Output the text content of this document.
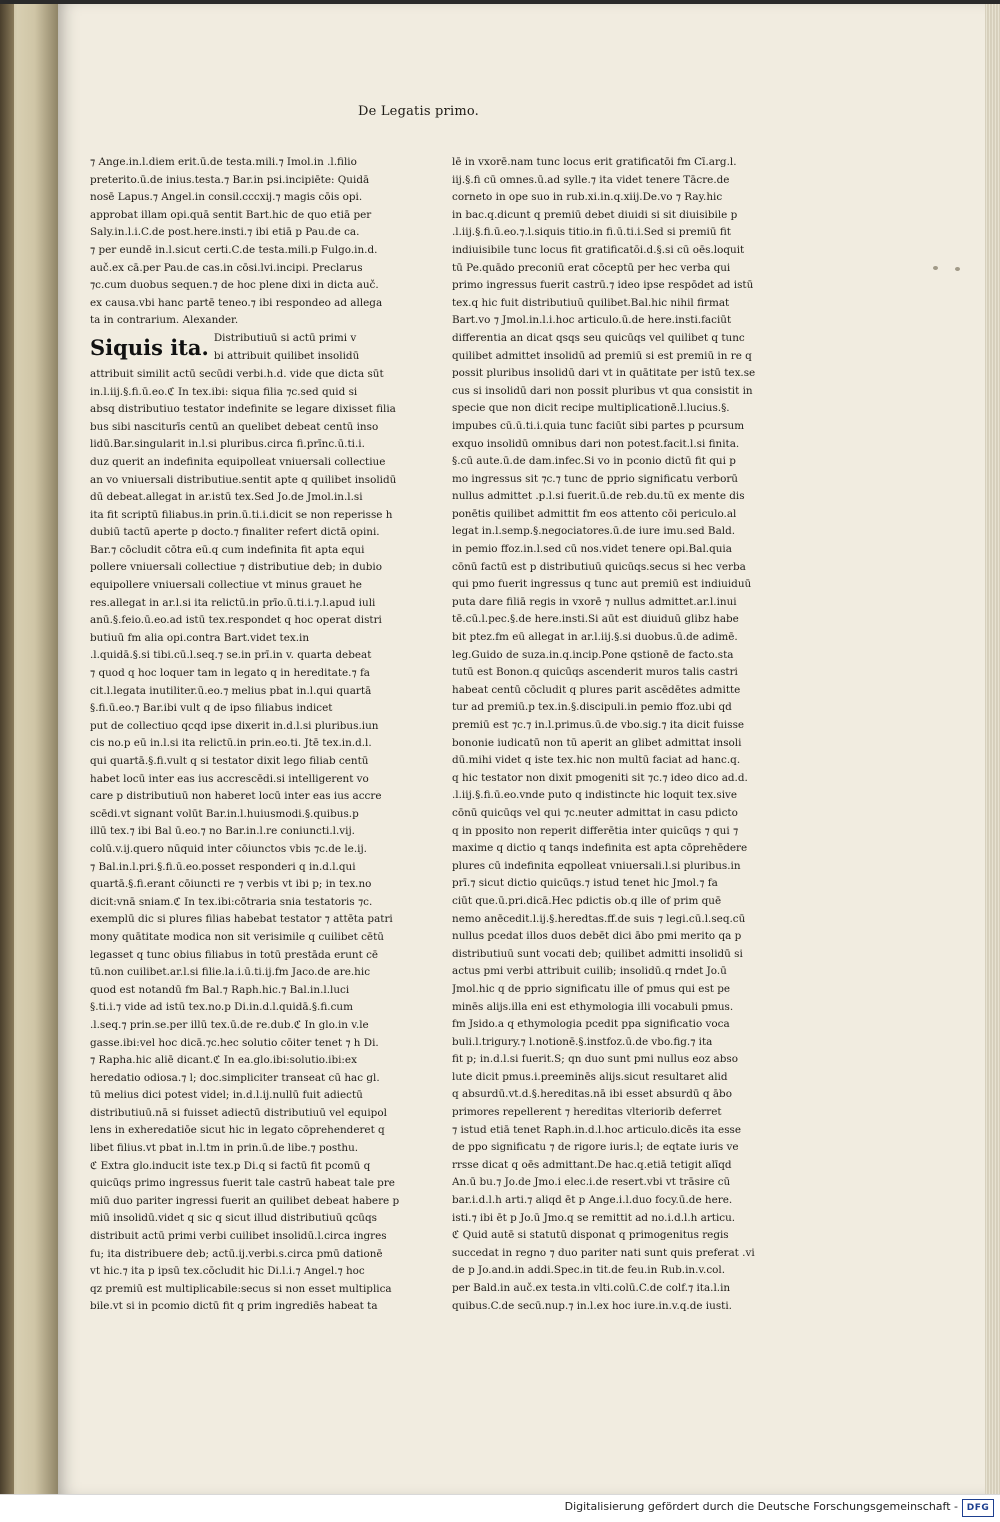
De Legatis primo.
⁊ Ange.in.l.diem erit.ū.de testa.mili.⁊ Imol.in .l.filio
preterito.ū.de inius.testa.⁊ Bar.in psi.incipiēte: Quidā
nosē Lapus.⁊ Angel.in consil.cccxij.⁊ magis cōis opi.
approbat illam opi.quā sentit Bart.hic de quo etiā per
Saly.in.l.i.C.de post.here.insti.⁊ ibi etiā p Pau.de ca.
⁊ per eundē in.l.sicut certi.C.de testa.mili.p Fulgo.in.d.
auč.ex cā.per Pau.de cas.in cōsi.lvi.incipi. Preclarus
⁊c.cum duobus sequen.⁊ de hoc plene dixi in dicta auč.
ex causa.vbi hanc partē teneo.⁊ ibi respondeo ad allega
ta in contrarium. Alexander.
Siquis ita. Distributiuū si actū primi v
bi attribuit quilibet insolidū
attribuit similit actū secūdi verbi.h.d. vide que dicta sūt
in.l.iij.§.fi.ū.eo.ℭ In tex.ibi: siqua filia ⁊c.sed quid si
absq distributiuo testator indefinite se legare dixisset filia
bus sibi nasciturīs centū an quelibet debeat centū inso
lidū.Bar.singularit in.l.si pluribus.circa fi.prīnc.ū.ti.i.
duz querit an indefinita equipolleat vniuersali collectiue
an vo vniuersali distributiue.sentit apte q quilibet insolidū
dū debeat.allegat in ar.istū tex.Sed Jo.de Jmol.in.l.si
ita fit scriptū filiabus.in prin.ū.ti.i.dicit se non reperisse h
dubiū tactū aperte p docto.⁊ finaliter refert dictā opini.
Bar.⁊ cōcludit cōtra eū.q cum indefinita fit apta equi
pollere vniuersali collectiue ⁊ distributiue deb; in dubio
equipollere vniuersali collectiue vt minus grauet he
res.allegat in ar.l.si ita relictū.in prīo.ū.ti.i.⁊.l.apud iuli
anū.§.feio.ū.eo.ad istū tex.respondet q hoc operat distri
butiuū fm alia opi.contra Bart.videt tex.in
.l.quidā.§.si tibi.cū.l.seq.⁊ se.in prī.in v. quarta debeat
⁊ quod q hoc loquer tam in legato q in hereditate.⁊ fa
cit.l.legata inutiliter.ū.eo.⁊ melius pbat in.l.qui quartā
§.fi.ū.eo.⁊ Bar.ibi vult q de ipso filiabus indicet
put de collectiuo qcqd ipse dixerit in.d.l.si pluribus.iun
cis no.p eū in.l.si ita relictū.in prin.eo.ti. Jtē tex.in.d.l.
qui quartā.§.fi.vult q si testator dixit lego filiab centū
habet locū inter eas ius accrescēdi.si intelligerent vo
care p distributiuū non haberet locū inter eas ius accre
scēdi.vt signant volūt Bar.in.l.huiusmodi.§.quibus.p
illū tex.⁊ ibi Bal ū.eo.⁊ no Bar.in.l.re coniuncti.l.vij.
colū.v.ij.quero nūquid inter cōiunctos vbis ⁊c.de le.ij.
⁊ Bal.in.l.pri.§.fi.ū.eo.posset responderi q in.d.l.qui
quartā.§.fi.erant cōiuncti re ⁊ verbis vt ibi p; in tex.no
dicit:vnā sniam.ℭ In tex.ibi:cōtraria snia testatoris ⁊c.
exemplū dic si plures filias habebat testator ⁊ attēta patri
mony quātitate modica non sit verisimile q cuilibet cētū
legasset q tunc obius filiabus in totū prestāda erunt cē
tū.non cuilibet.ar.l.si filie.la.i.ū.ti.ij.fm Jaco.de are.hic
quod est notandū fm Bal.⁊ Raph.hic.⁊ Bal.in.l.luci
§.ti.i.⁊ vide ad istū tex.no.p Di.in.d.l.quidā.§.fi.cum
.l.seq.⁊ prin.se.per illū tex.ū.de re.dub.ℭ In glo.in v.le
gasse.ibi:vel hoc dicā.⁊c.hec solutio cōiter tenet ⁊ h Di.
⁊ Rapha.hic aliē dicant.ℭ In ea.glo.ibi:solutio.ibi:ex
heredatio odiosa.⁊ l; doc.simpliciter transeat cū hac gl.
tū melius dici potest videl; in.d.l.ij.nullū fuit adiectū
distributiuū.nā si fuisset adiectū distributiuū vel equipol
lens in exheredatiōe sicut hic in legato cōprehenderet q
libet filius.vt pbat in.l.tm in prin.ū.de libe.⁊ posthu.
ℭ Extra glo.inducit iste tex.p Di.q si factū fit pcomū q
quicūqs primo ingressus fuerit tale castrū habeat tale pre
miū duo pariter ingressi fuerit an quilibet debeat habere p
miū insolidū.videt q sic q sicut illud distributiuū qcūqs
distribuit actū primi verbi cuilibet insolidū.l.circa ingres
fu; ita distribuere deb; actū.ij.verbi.s.circa pmū dationē
vt hic.⁊ ita p ipsū tex.cōcludit hic Di.l.i.⁊ Angel.⁊ hoc
qz premiū est multiplicabile:secus si non esset multiplica
bile.vt si in pcomio dictū fit q prim ingrediēs habeat ta
lē in vxorē.nam tunc locus erit gratificatōi fm Cī.arg.l.
iij.§.fi cū omnes.ū.ad sylle.⁊ ita videt tenere Tācre.de
corneto in ope suo in rub.xi.in.q.xiij.De.vo ⁊ Ray.hic
in bac.q.dicunt q premiū debet diuidi si sit diuisibile p
.l.iij.§.fi.ū.eo.⁊.l.siquis titio.in fi.ū.ti.i.Sed si premiū fit
indiuisibile tunc locus fit gratificatōi.d.§.si cū oēs.loquit
tū Pe.quādo preconiū erat cōceptū per hec verba qui
primo ingressus fuerit castrū.⁊ ideo ipse respōdet ad istū
tex.q hic fuit distributiuū quilibet.Bal.hic nihil firmat
Bart.vo ⁊ Jmol.in.l.i.hoc articulo.ū.de here.insti.faciūt
differentia an dicat qsqs seu quicūqs vel quilibet q tunc
quilibet admittet insolidū ad premiū si est premiū in re q
possit pluribus insolidū dari vt in quātitate per istū tex.se
cus si insolidū dari non possit pluribus vt qua consistit in
specie que non dicit recipe multiplicationē.l.lucius.§.
impubes cū.ū.ti.i.quia tunc faciūt sibi partes p pcursum
exquo insolidū omnibus dari non potest.facit.l.si finita.
§.cū aute.ū.de dam.infec.Si vo in pconio dictū fit qui p
mo ingressus sit ⁊c.⁊ tunc de pprio significatu verborū
nullus admittet .p.l.si fuerit.ū.de reb.du.tū ex mente dis
ponētis quilibet admittit fm eos attento cōi periculo.al
legat in.l.semp.§.negociatores.ū.de iure imu.sed Bald.
in pemio ffoz.in.l.sed cū nos.videt tenere opi.Bal.quia
cōnū factū est p distributiuū quicūqs.secus si hec verba
qui pmo fuerit ingressus q tunc aut premiū est indiuiduū
puta dare filiā regis in vxorē ⁊ nullus admittet.ar.l.inui
tē.cū.l.pec.§.de here.insti.Si aūt est diuiduū glibz habe
bit ptez.fm eū allegat in ar.l.iij.§.si duobus.ū.de adimē.
leg.Guido de suza.in.q.incip.Pone qstionē de facto.sta
tutū est Bonon.q quicūqs ascenderit muros talis castri
habeat centū cōcludit q plures parit ascēdētes admitte
tur ad premiū.p tex.in.§.discipuli.in pemio ffoz.ubi qd
premiū est ⁊c.⁊ in.l.primus.ū.de vbo.sig.⁊ ita dicit fuisse
bononie iudicatū non tū aperit an glibet admittat insoli
dū.mihi videt q iste tex.hic non multū faciat ad hanc.q.
q hic testator non dixit pmogeniti sit ⁊c.⁊ ideo dico ad.d.
.l.iij.§.fi.ū.eo.vnde puto q indistincte hic loquit tex.sive
cōnū quicūqs vel qui ⁊c.neuter admittat in casu pdicto
q in pposito non reperit differētia inter quicūqs ⁊ qui ⁊
maxime q dictio q tanqs indefinita est apta cōprehēdere
plures cū indefinita eqpolleat vniuersali.l.si pluribus.in
prī.⁊ sicut dictio quicūqs.⁊ istud tenet hic Jmol.⁊ fa
ciūt que.ū.pri.dicā.Hec pdictis ob.q ille of prim quē
nemo anēcedit.l.ij.§.heredtas.ff.de suis ⁊ legi.cū.l.seq.cū
nullus pcedat illos duos debēt dici ābo pmi merito qa p
distributiuū sunt vocati deb; quilibet admitti insolidū si
actus pmi verbi attribuit cuilib; insolidū.q rndet Jo.ū
Jmol.hic q de pprio significatu ille of pmus qui est pe
minēs alijs.illa eni est ethymologia illi vocabuli pmus.
fm Jsido.a q ethymologia pcedit ppa significatio voca
buli.l.trigury.⁊ l.notionē.§.instfoz.ū.de vbo.fig.⁊ ita
fit p; in.d.l.si fuerit.S; qn duo sunt pmi nullus eoz abso
lute dicit pmus.i.preeminēs alijs.sicut resultaret alid
q absurdū.vt.d.§.hereditas.nā ibi esset absurdū q ābo
primores repellerent ⁊ hereditas vlteriorib deferret
⁊ istud etiā tenet Raph.in.d.l.hoc articulo.dicēs ita esse
de ppo significatu ⁊ de rigore iuris.l; de eqtate iuris ve
rrsse dicat q oēs admittant.De hac.q.etiā tetigit alīqd
An.ū bu.⁊ Jo.de Jmo.i elec.i.de resert.vbi vt trāsire cū
bar.i.d.l.h arti.⁊ aliqd ēt p Ange.i.l.duo focy.ū.de here.
isti.⁊ ibi ēt p Jo.ū Jmo.q se remittit ad no.i.d.l.h articu.
ℭ Quid autē si statutū disponat q primogenitus regis
succedat in regno ⁊ duo pariter nati sunt quis preferat .vi
de p Jo.and.in addi.Spec.in tit.de feu.in Rub.in.v.col.
per Bald.in auč.ex testa.in vlti.colū.C.de colf.⁊ ita.l.in
quibus.C.de secū.nup.⁊ in.l.ex hoc iure.in.v.q.de iusti.
Digitalisierung gefördert durch die Deutsche Forschungsgemeinschaft - DFG
